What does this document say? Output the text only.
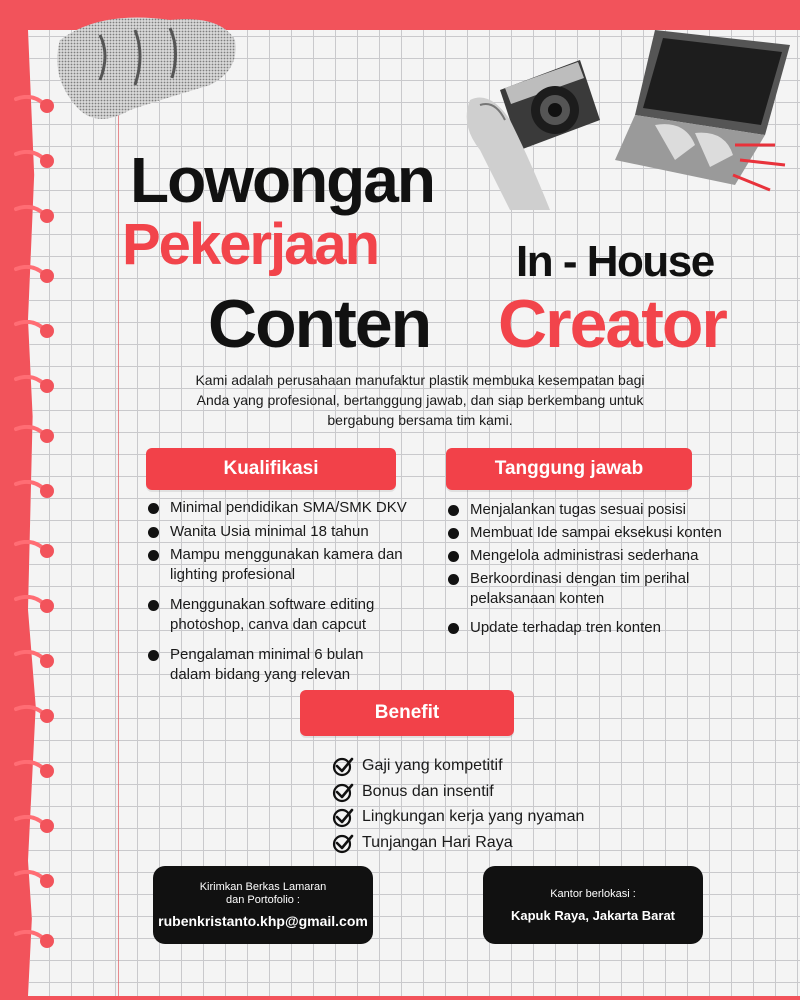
Lowongan
Pekerjaan	In - House
Conten Creator
Kami adalah perusahaan manufaktur plastik membuka kesempatan bagi Anda yang profesional, bertanggung jawab, dan siap berkembang untuk bergabung bersama tim kami.
Kualifikasi
Minimal pendidikan SMA/SMK DKV
Wanita Usia minimal 18 tahun
Mampu menggunakan kamera dan lighting profesional
Menggunakan software editing photoshop, canva dan capcut
Pengalaman minimal 6 bulan dalam bidang yang relevan
Tanggung jawab
Menjalankan tugas sesuai posisi
Membuat Ide sampai eksekusi konten
Mengelola administrasi sederhana
Berkoordinasi dengan tim perihal pelaksanaan konten
Update terhadap tren konten
Benefit
Gaji yang kompetitif
Bonus dan insentif
Lingkungan kerja yang nyaman
Tunjangan Hari Raya
Kirimkan Berkas Lamaran
dan Portofolio :
rubenkristanto.khp@gmail.com
Kantor berlokasi :
Kapuk Raya, Jakarta Barat
